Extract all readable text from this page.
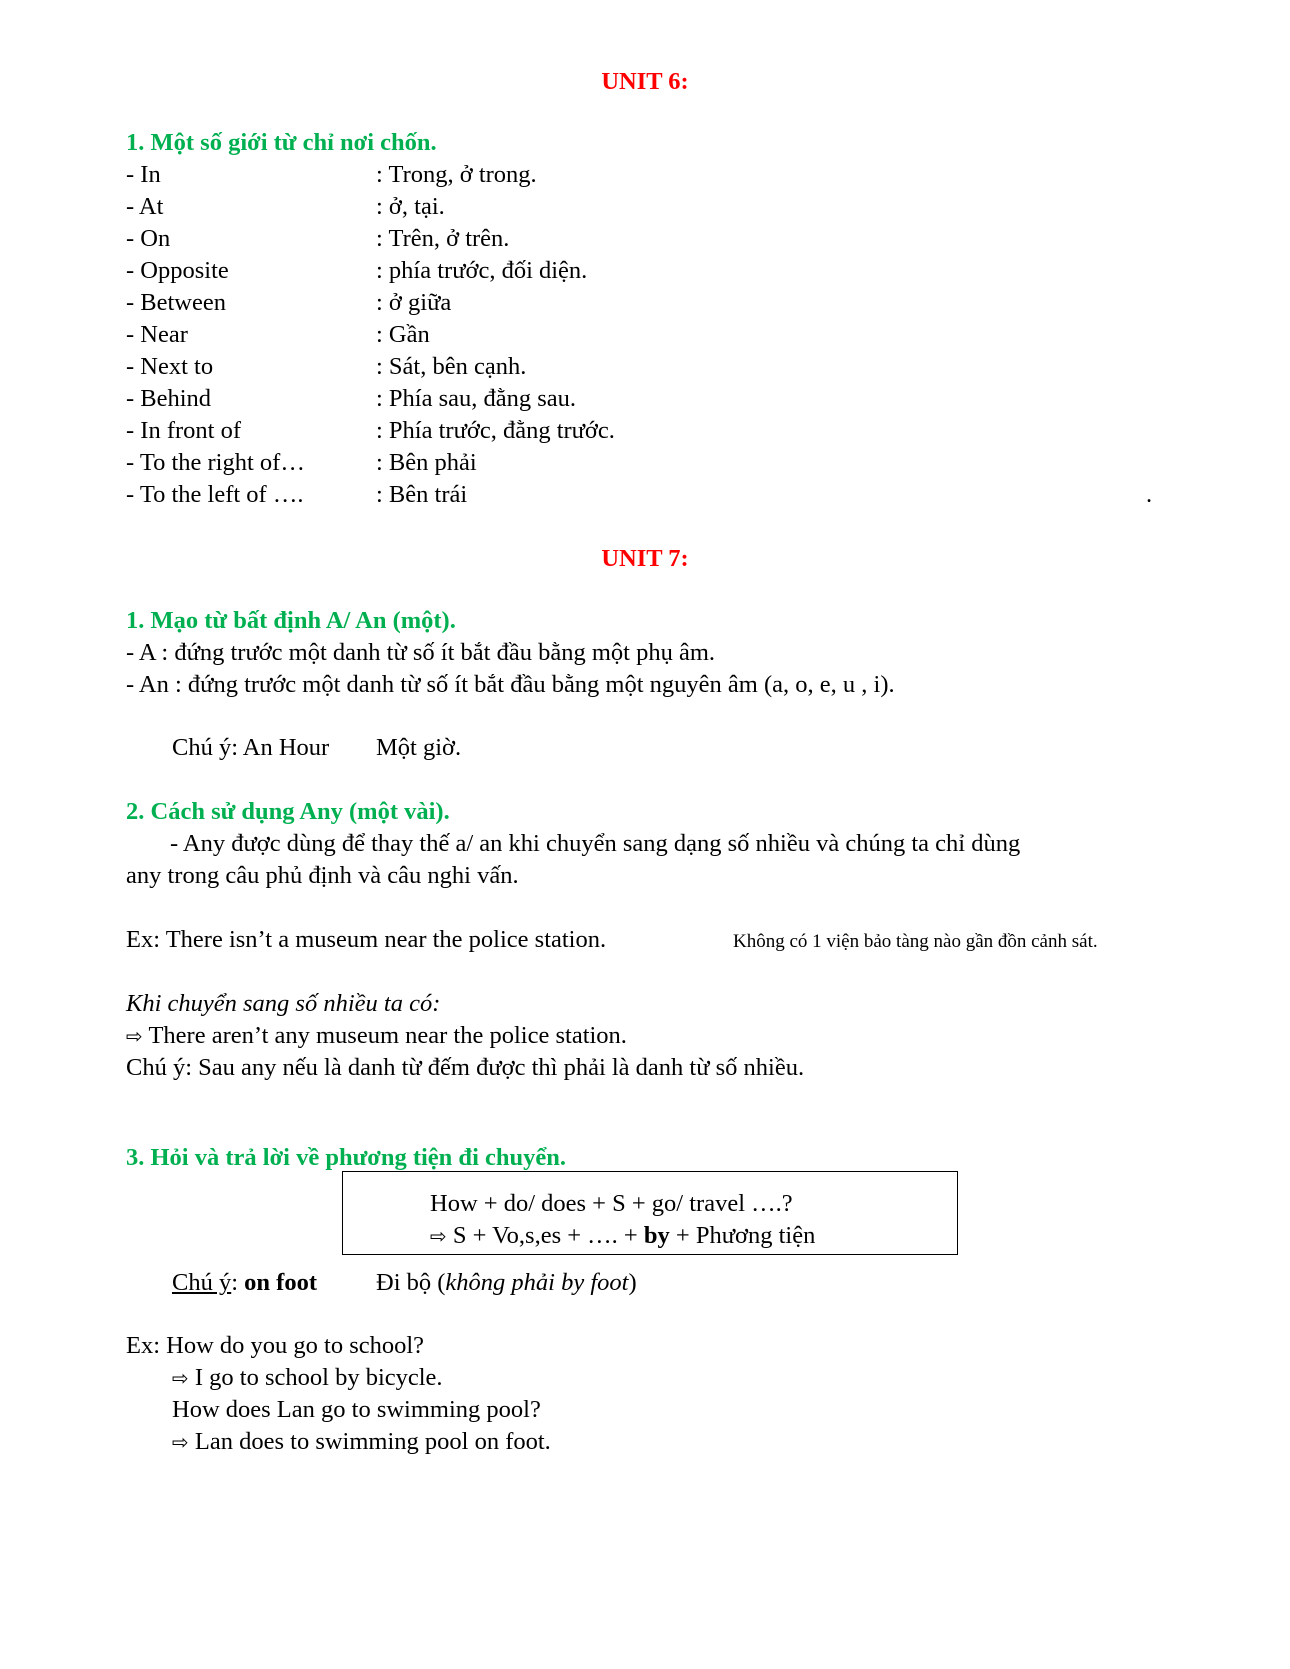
UNIT 6:
1. Một số giới từ chỉ nơi chốn.
- In	: Trong, ở trong.
- At	: ở, tại.
- On	: Trên, ở trên.
- Opposite	: phía trước, đối diện.
- Between	: ở giữa
- Near	: Gần
- Next to	: Sát, bên cạnh.
- Behind	: Phía sau, đằng sau.
- In front of	: Phía trước, đằng trước.
- To the right of…	: Bên phải
- To the left of ….	: Bên trái	.
UNIT 7:
1. Mạo từ bất định A/ An (một).
- A : đứng trước một danh từ số ít bắt đầu bằng một phụ âm.
- An : đứng trước một danh từ số ít bắt đầu bằng một nguyên âm (a, o, e, u , i).
Chú ý: An Hour Một giờ.
2. Cách sử dụng Any (một vài).
- Any được dùng để thay thế a/ an khi chuyển sang dạng số nhiều và chúng ta chỉ dùng
any trong câu phủ định và câu nghi vấn.
Ex: There isn’t a museum near the police station.	Không có 1 viện bảo tàng nào gần đồn cảnh sát.
Khi chuyển sang số nhiều ta có:
⇨ There aren’t any museum near the police station.
Chú ý: Sau any nếu là danh từ đếm được thì phải là danh từ số nhiều.
3. Hỏi và trả lời về phương tiện đi chuyển.
How + do/ does + S + go/ travel ….?
⇨ S + Vo,s,es + …. + by + Phương tiện
Chú ý: on foot Đi bộ (không phải by foot)
Ex: How do you go to school?
⇨ I go to school by bicycle.
How does Lan go to swimming pool?
⇨ Lan does to swimming pool on foot.
